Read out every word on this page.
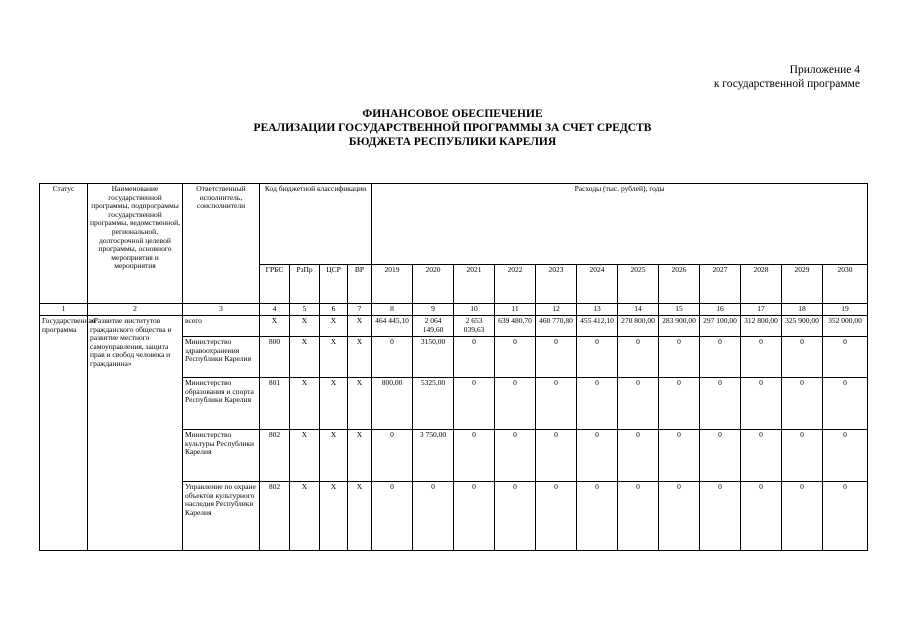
Приложение 4
к государственной программе
ФИНАНСОВОЕ ОБЕСПЕЧЕНИЕ
РЕАЛИЗАЦИИ ГОСУДАРСТВЕННОЙ ПРОГРАММЫ ЗА СЧЕТ СРЕДСТВ
БЮДЖЕТА РЕСПУБЛИКИ КАРЕЛИЯ
Статус	Наименование государственной программы, подпрограммы государственной программы, ведомственной, региональной, долгосрочной целевой программы, основного мероприятия и мероприятия	Ответственный исполнитель, соисполнители	Код бюджетной классификации				Расходы (тыс. рублей), годы											
			ГРБС	РзПр	ЦСР	ВР	2019	2020	2021	2022	2023	2024	2025	2026	2027	2028	2029	2030
1	2	3	4	5	6	7	8	9	10	11	12	13	14	15	16	17	18	19
Государственная программа	«Развитие институтов гражданского общества и развитие местного самоуправления, защита прав и свобод человека и гражданина»	всего	X	X	X	X	464 445,10	2 064 149,60	2 653 039,63	639 480,70	460 770,80	455 412,10	270 800,00	283 900,00	297 100,00	312 800,00	325 900,00	352 000,00
		Министерство здравоохранения Республики Карелия	800	X	X	X	0	3150,00	0	0	0	0	0	0	0	0	0	0
		Министерство образования и спорта Республики Карелия	801	X	X	X	800,00	5325,00	0	0	0	0	0	0	0	0	0	0
		Министерство культуры Республики Карелия	802	X	X	X	0	3 750,00	0	0	0	0	0	0	0	0	0	0
		Управление по охране объектов культурного наследия Республики Карелия	802	X	X	X	0	0	0	0	0	0	0	0	0	0	0	0
